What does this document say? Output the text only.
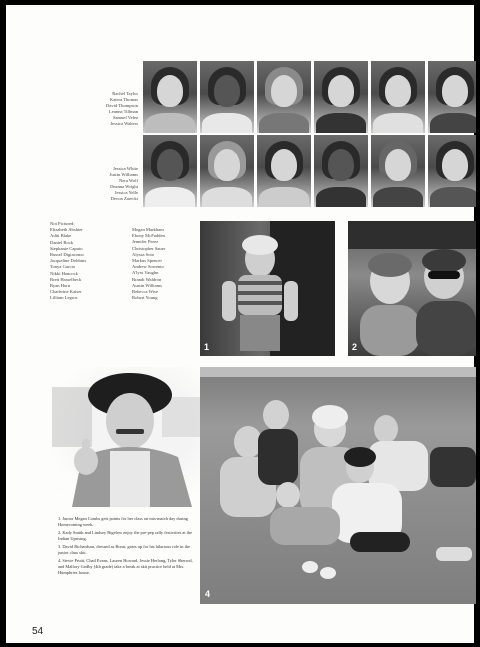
Rachel Taylor
Katera Thomas
David Thompson
Leanna Tillman
Samuel Velez
Jessica Walters
Jessica White
Justin Williams
Nera Wolf
Deanna Wright
Jessica Yelle
Devon Zarecki
Not Pictured:
Elizabeth Abshier
Aditi Blake
Daniel Bock
Stephanie Caputo
Russel Digiacomo
Jacqueline Dobbins
Tonya Garcia
Nikki Hancock
Brett Hasselbeck
Ryan Horn
Chadwine Kaiser
Lilliam Legros
Megan Markham
Ebony McFadden
Jennifer Perez
Christopher Sauer
Alyssa Soto
Markus Spencer
Andrew Sorrento
A'lyss Vaughn
Brandi Waldron
Austin Williams
Rebecca Wise
Robert Young
1	2
3
4

1. Junior Megan Combs gets points for her class on mis-match day during Homecoming week.

2. Kady Smith and Lindsey Bigelow enjoy the pre-pep rally festivities at the Indian Uprising.

3. David Richardson, dressed as Borat, gears up for his hilarious role in the junior class skit.

4. Stevie Pruitt, Chad Evans, Lauren Howard, Jessie Herlong, Tyler Sherrod, and Mallory Godby (4th grade) take a break at skit practice held at Mrs. Humphries house.

54
